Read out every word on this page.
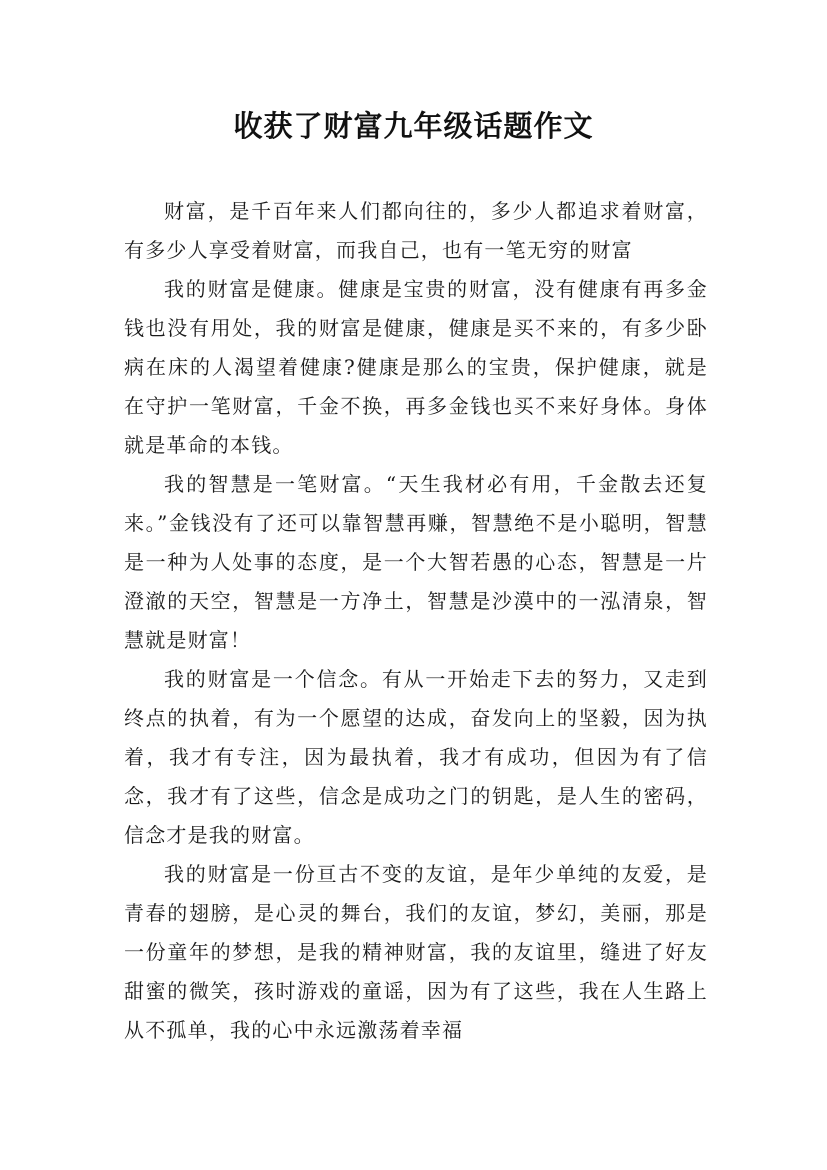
收获了财富九年级话题作文

财富，是千百年来人们都向往的，多少人都追求着财富，有多少人享受着财富，而我自己，也有一笔无穷的财富

我的财富是健康。健康是宝贵的财富，没有健康有再多金钱也没有用处，我的财富是健康，健康是买不来的，有多少卧病在床的人渴望着健康?健康是那么的宝贵，保护健康，就是在守护一笔财富，千金不换，再多金钱也买不来好身体。身体就是革命的本钱。

我的智慧是一笔财富。“天生我材必有用，千金散去还复来。”金钱没有了还可以靠智慧再赚，智慧绝不是小聪明，智慧是一种为人处事的态度，是一个大智若愚的心态，智慧是一片澄澈的天空，智慧是一方净土，智慧是沙漠中的一泓清泉，智慧就是财富！

我的财富是一个信念。有从一开始走下去的努力，又走到终点的执着，有为一个愿望的达成，奋发向上的坚毅，因为执着，我才有专注，因为最执着，我才有成功，但因为有了信念，我才有了这些，信念是成功之门的钥匙，是人生的密码，信念才是我的财富。

我的财富是一份亘古不变的友谊，是年少单纯的友爱，是青春的翅膀，是心灵的舞台，我们的友谊，梦幻，美丽，那是一份童年的梦想，是我的精神财富，我的友谊里，缝进了好友甜蜜的微笑，孩时游戏的童谣，因为有了这些，我在人生路上从不孤单，我的心中永远激荡着幸福
